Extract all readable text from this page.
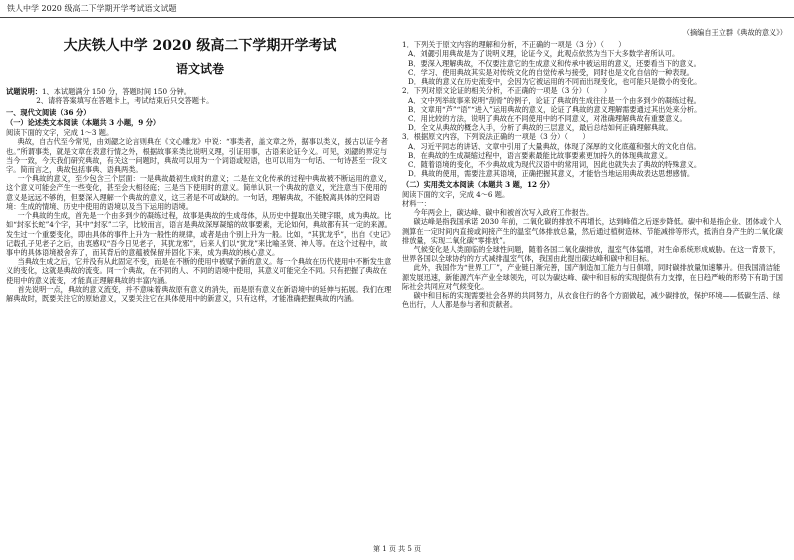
铁人中学 2020 级高二下学期开学考试语文试题
大庆铁人中学 2020 级高二下学期开学考试
语文试卷

试题说明：1、本试题满分 150 分，答题时间 150 分钟。

2、请将答案填写在答题卡上，考试结束后只交答题卡。

一、现代文阅读（36 分）
（一）论述类文本阅读（本题共 3 小题，9 分）
阅读下面的文字，完成 1～3 题。

典故，自古代至今常见，由刘勰之论言则典在《文心雕龙》中说：“事类者，盖文章之外，据事以类义，援古以证今者也。”所谓事类，就是文章在表意行情之外，根据故事来类比说明义理，引证用事，古语来论证今义。可见，刘勰的界定与当今一致，今天我们研究典故，有关这一问题时，典故可以用为一个词语或短语，也可以用为一句话、一句诗甚至一段文字。简而言之，典故包括事典、语典两类。

一个典故的意义，至少包含三个层面：一是典故最初生成时的意义；二是在文化传承的过程中典故被不断运用的意义，这个意义可能会产生一些变化，甚至会大相径庭；三是当下使用时的意义。简单认识一个典故的意义，光注意当下使用的意义是远远不够的，但要深入理解一个典故的意义，这三者是不可或缺的。一句话，理解典故，不能脱离具体的空间语境：生成的情境、历史中使用的语境以及当下运用的语境。

一个典故的生成，首先是一个由多到少的凝练过程，故事是典故的生成母体，从历史中提取出关键字眼，成为典故。比如“封豕长蛇”4个字，其中“封豕”二字，比较而言，语言是典故深厚凝缩的故事要素，无论如何，典故都有其一定的来源。发生过一个重要变化，即由具体的事件上升为一般性的规律，或者是由个别上升为一般。比如，“其犹龙乎”，出自《史记》记载孔子见老子之后，由衷感叹“吾今日见老子，其犹龙邪”，后来人们以“犹龙”来比喻圣贤、神人等。在这个过程中，故事中的具体语境被舍弃了，而其背后的意蕴被保留并固化下来，成为典故的核心意义。

当典故生成之后，它并没有从此固定不变，而是在不断的使用中被赋予新的意义。每一个典故在历代使用中不断发生意义的变化，这就是典故的流变。同一个典故，在不同的人、不同的语境中使用，其意义可能完全不同。只有把握了典故在使用中的意义流变，才能真正理解典故的丰富内涵。

首先说明一点，典故的意义流变，并不意味着典故原有意义的消失，而是原有意义在新语境中的延伸与拓展。我们在理解典故时，既要关注它的原始意义，又要关注它在具体使用中的新意义，只有这样，才能准确把握典故的内涵。

（摘编自王立群《典故的意义》）
1．下列关于原文内容的理解和分析，不正确的一项是（3 分）（　　）
A．刘勰引用典故是为了说明义理，论证今义，此观点依然为当下大多数学者所认可。
B．要深入理解典故，不仅要注意它的生成意义和传承中被运用的意义，还要看当下的意义。
C．学习、使用典故其实是对传统文化的自觉传承与接受，同时也是文化自信的一种表现。
D．典故的意义在历史流变中，会因为它被运用的不同而出现变化，也可能只是微小的变化。
2．下列对原文论证的相关分析，不正确的一项是（3 分）（　　）
A．文中列举故事来说明“刮骨”的例子，论证了典故的生成往往是一个由多到少的凝练过程。
B．文章用“芦”“语”“进入”运用典故的意义，论证了典故的意义理解需要通过其出处来分析。
C．用比较的方法，说明了典故在不同使用中的不同意义，对准确理解典故有重要意义。
D．全文从典故的概念入手，分析了典故的三层意义，最后总结如何正确理解典故。
3．根据原文内容，下列说法正确的一项是（3 分）（　　）
A．习近平同志的讲话、文章中引用了大量典故，体现了深厚的文化底蕴和强大的文化自信。
B．在典故的生成凝缩过程中，语言要素最能比故事要素更加持久的体现典故意义。
C．随着语境的变化，不少典故成为现代汉语中的常用词，因此也就失去了典故的特殊意义。
D．典故的使用，需要注意其语境，正确把握其意义，才能恰当地运用典故表达思想感情。
（二）实用类文本阅读（本题共 3 题，12 分）
阅读下面的文字，完成 4～6 题。
材料一：

今年两会上，碳达峰、碳中和被首次写入政府工作报告。

碳达峰是指我国承诺 2030 年前，二氧化碳的排放不再增长，达到峰值之后逐步降低。碳中和是指企业、团体或个人测算在一定时间内直接或间接产生的温室气体排放总量，然后通过植树造林、节能减排等形式，抵消自身产生的二氧化碳排放量，实现二氧化碳“零排放”。

气候变化是人类面临的全球性问题，随着各国二氧化碳排放，温室气体猛增，对生命系统形成威胁。在这一背景下，世界各国以全球协约的方式减排温室气体，我国由此提出碳达峰和碳中和目标。

此外，我国作为“世界工厂”，产业链日渐完善，国产制造加工能力与日俱增，同时碳排放量加速攀升。但我国清洁能源发展迅速，新能源汽车产业全球领先，可以为碳达峰、碳中和目标的实现提供有力支撑，在日趋严峻的形势下有助于国际社会共同应对气候变化。

碳中和目标的实现需要社会各界的共同努力，从衣食住行的各个方面做起，减少碳排放，保护环境——低碳生活、绿色出行，人人都是参与者和贡献者。

第 1 页 共 5 页
